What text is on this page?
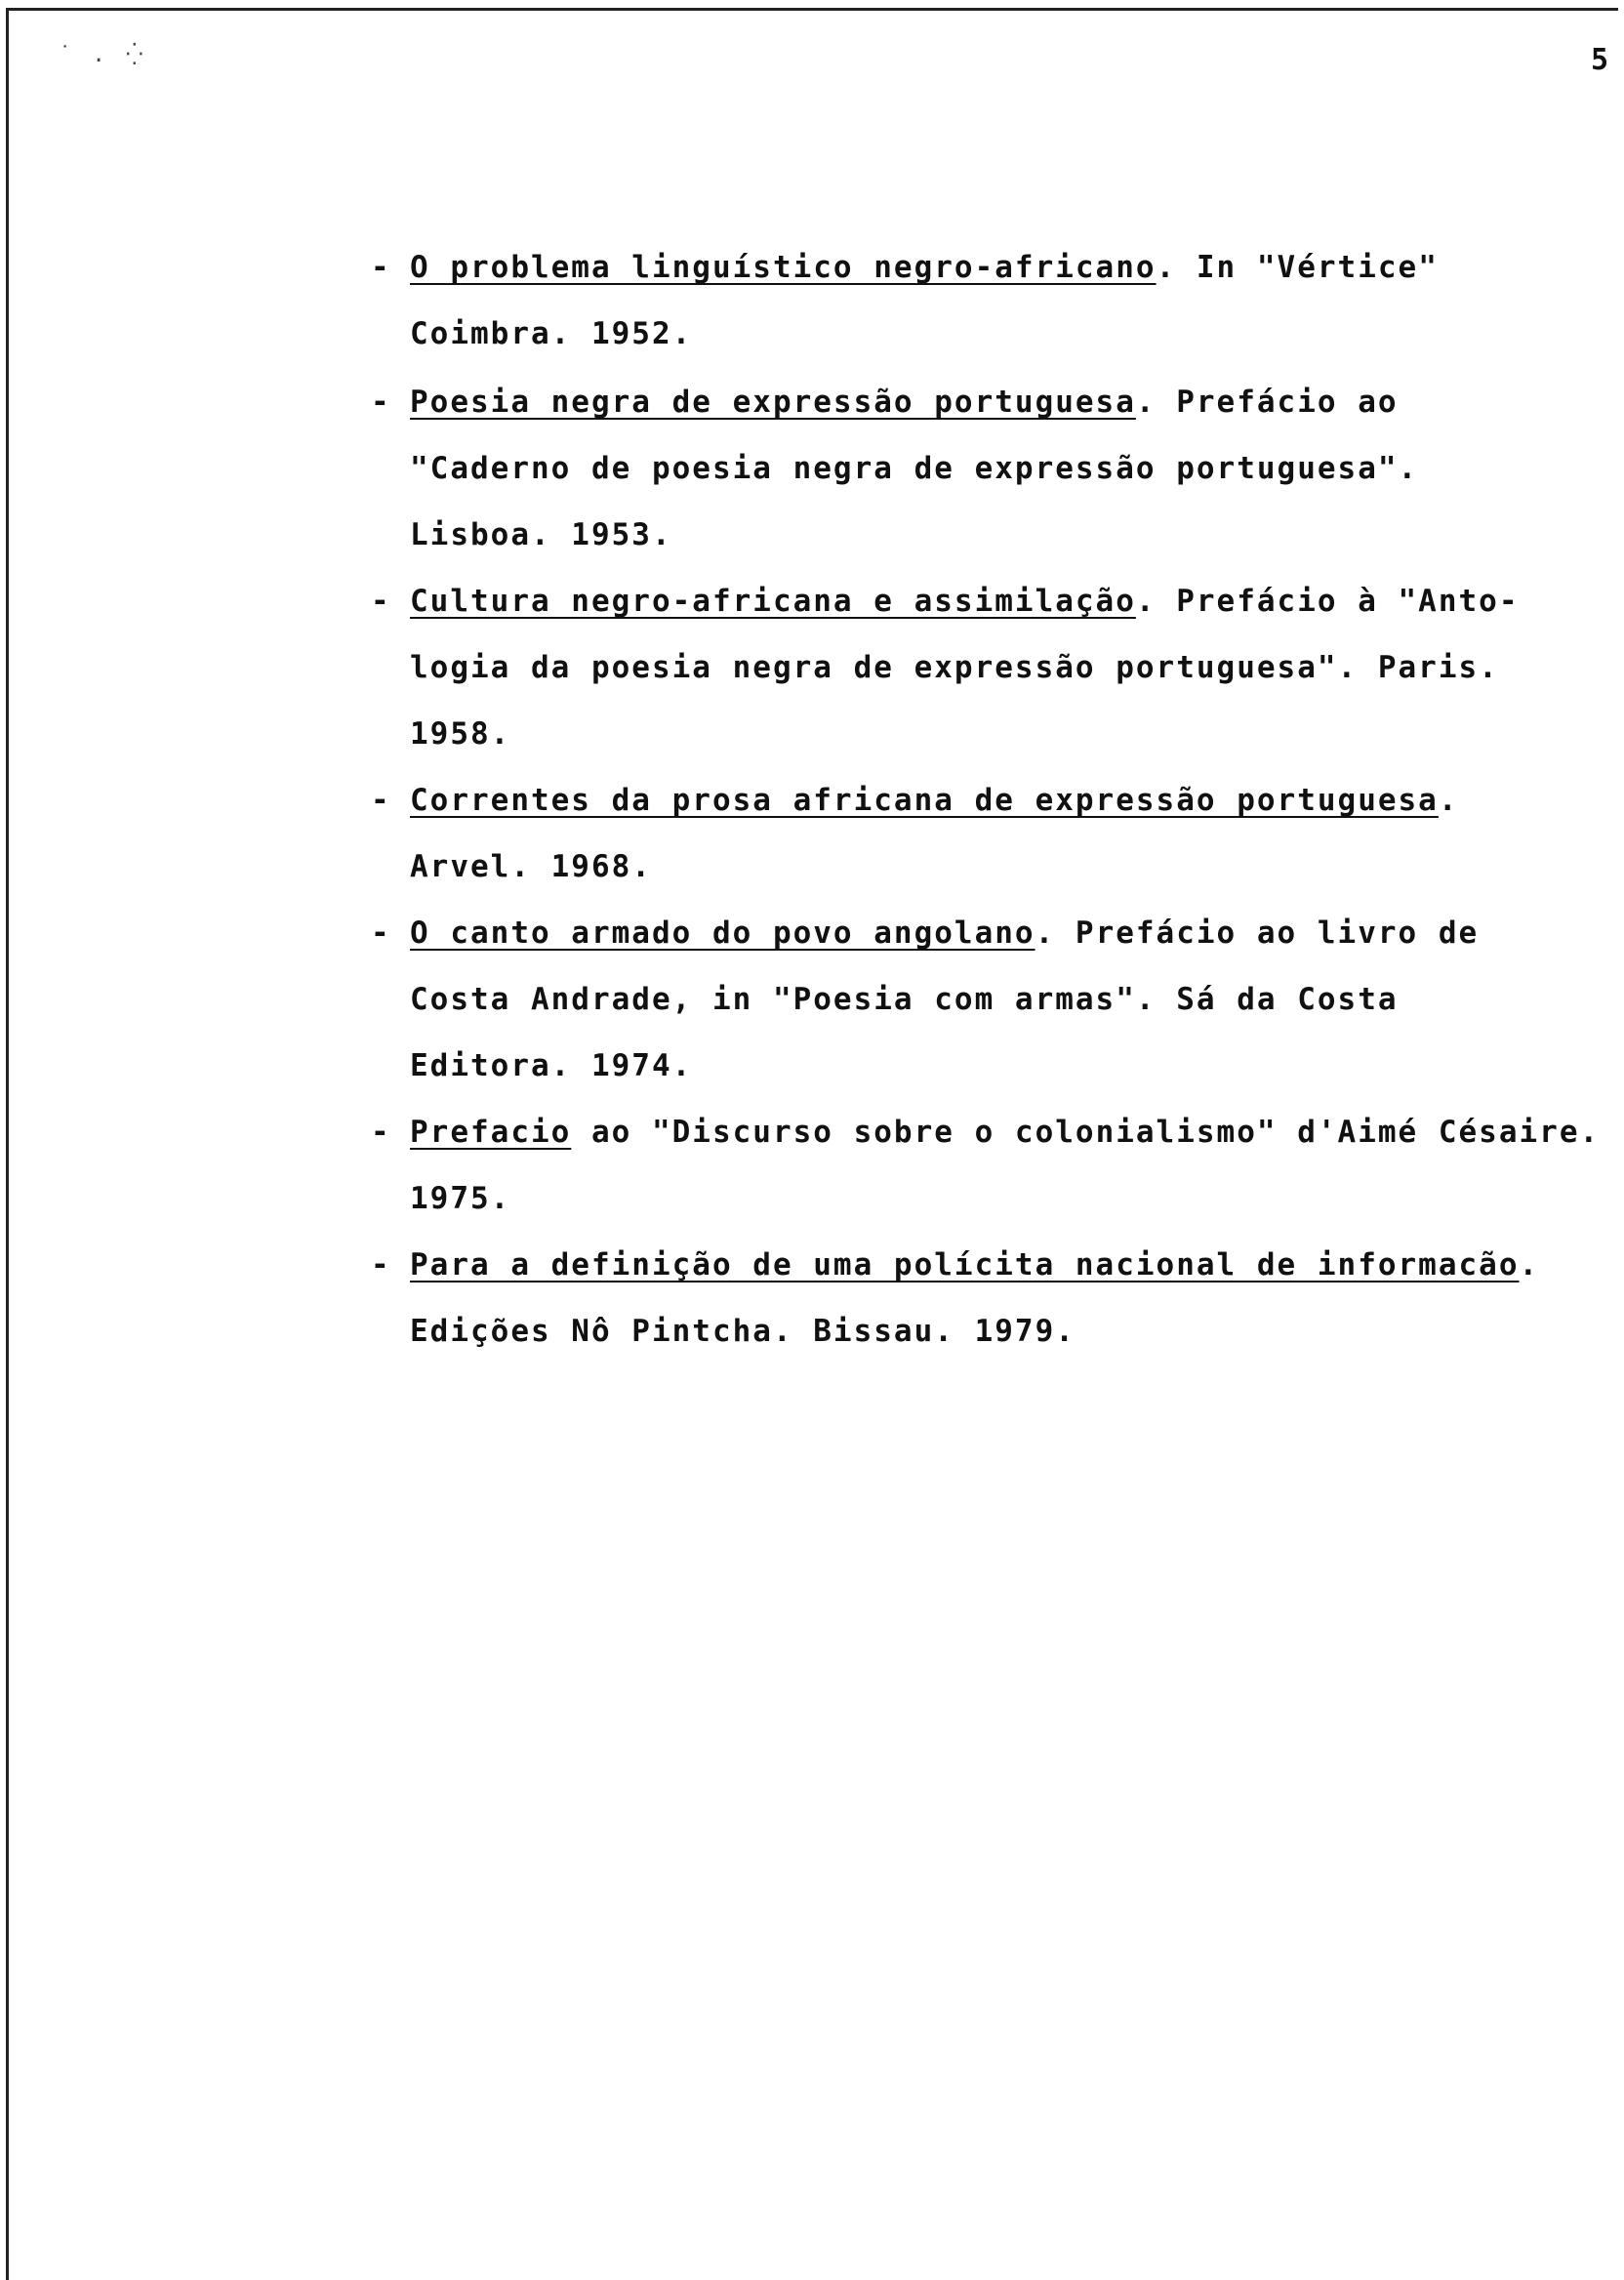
˙ . ⁛	5
- O problema linguístico negro-africano. In "Vértice"
Coimbra. 1952.
- Poesia negra de expressão portuguesa. Prefácio ao
"Caderno de poesia negra de expressão portuguesa".
Lisboa. 1953.
- Cultura negro-africana e assimilação. Prefácio à "Anto-
logia da poesia negra de expressão portuguesa". Paris.
1958.
- Correntes da prosa africana de expressão portuguesa.
Arvel. 1968.
- O canto armado do povo angolano. Prefácio ao livro de
Costa Andrade, in "Poesia com armas". Sá da Costa
Editora. 1974.
- Prefacio ao "Discurso sobre o colonialismo" d'Aimé Césaire.
1975.
- Para a definição de uma polícita nacional de informacão.
Edições Nô Pintcha. Bissau. 1979.
